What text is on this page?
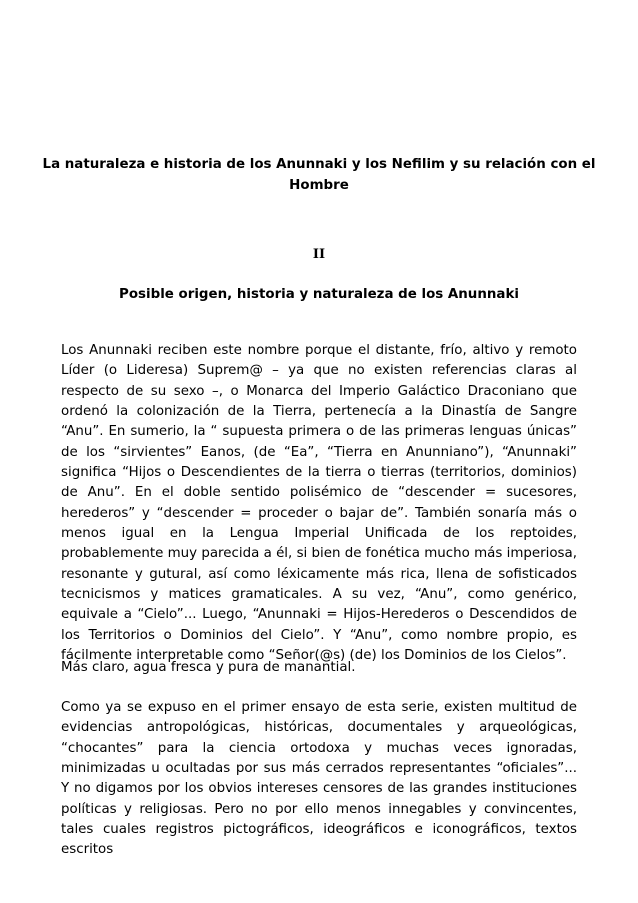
La naturaleza e historia de los Anunnaki y los Nefilim y su relación con el Hombre
II
Posible origen, historia y naturaleza de los Anunnaki

Los Anunnaki reciben este nombre porque el distante, frío, altivo y remoto Líder (o Lideresa) Suprem@ – ya que no existen referencias claras al respecto de su sexo –, o Monarca del Imperio Galáctico Draconiano que ordenó la colonización de la Tierra, pertenecía a la Dinastía de Sangre “Anu”. En sumerio, la “ supuesta primera o de las primeras lenguas únicas” de los “sirvientes” Eanos, (de “Ea”, “Tierra en Anunniano”), “Anunnaki” significa “Hijos o Descendientes de la tierra o tierras (territorios, dominios) de Anu”. En el doble sentido polisémico de “descender = sucesores, herederos” y “descender = proceder o bajar de”. También sonaría más o menos igual en la Lengua Imperial Unificada de los reptoides, probablemente muy parecida a él, si bien de fonética mucho más imperiosa, resonante y gutural, así como léxicamente más rica, llena de sofisticados tecnicismos y matices gramaticales. A su vez, “Anu”, como genérico, equivale a “Cielo”... Luego, “Anunnaki = Hijos-Herederos o Descendidos de los Territorios o Dominios del Cielo”. Y “Anu”, como nombre propio, es fácilmente interpretable como “Señor(@s) (de) los Dominios de los Cielos”.

Más claro, agua fresca y pura de manantial.

Como ya se expuso en el primer ensayo de esta serie, existen multitud de evidencias antropológicas, históricas, documentales y arqueológicas, “chocantes” para la ciencia ortodoxa y muchas veces ignoradas, minimizadas u ocultadas por sus más cerrados representantes “oficiales”... Y no digamos por los obvios intereses censores de las grandes instituciones políticas y religiosas. Pero no por ello menos innegables y convincentes, tales cuales registros pictográficos, ideográficos e iconográficos, textos escritos
